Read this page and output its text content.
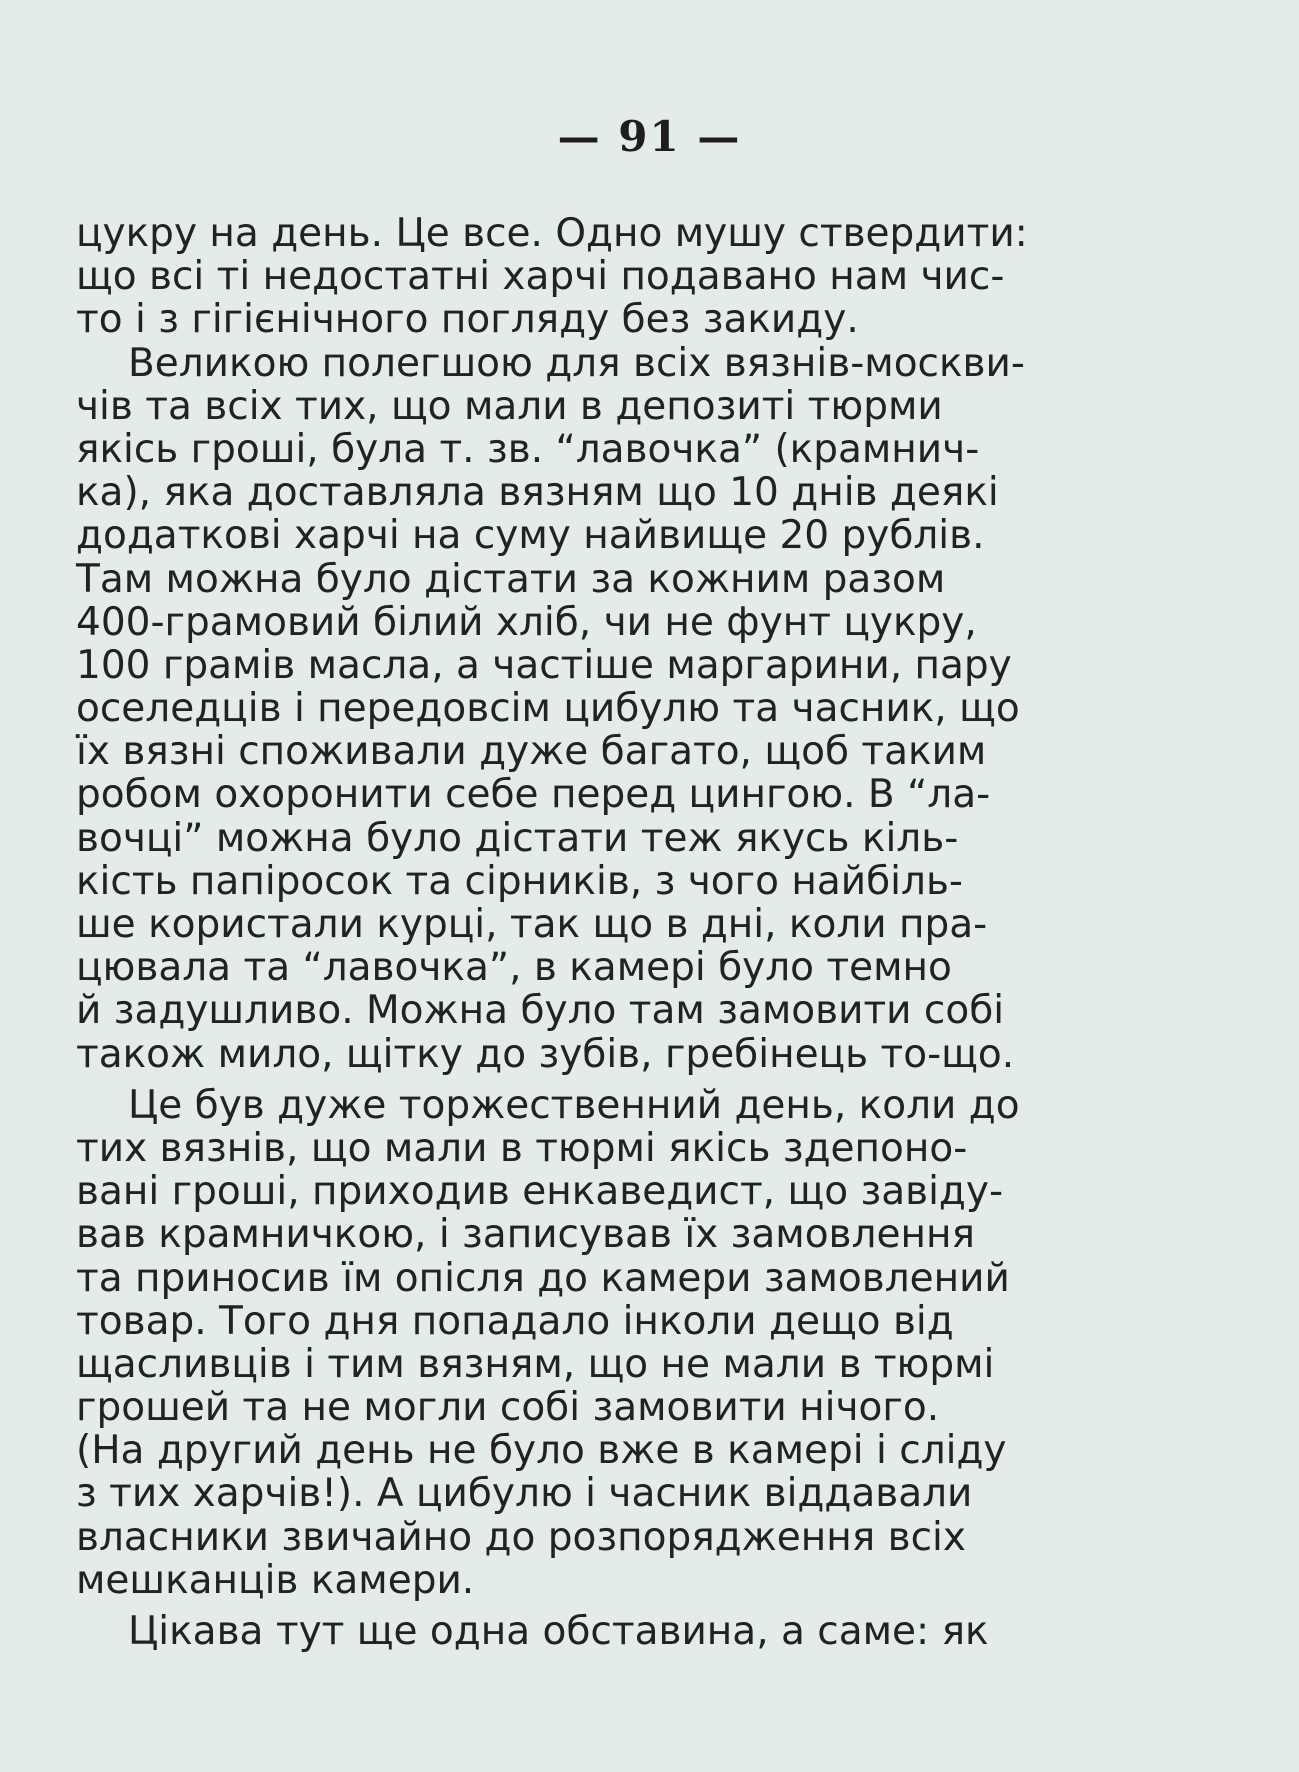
— 91 —
цукру на день. Це все. Одно мушу ствердити:
що всі ті недостатні харчі подавано нам чис-
то і з гігієнічного погляду без закиду.
Великою полегшою для всіх вязнів-москви-
чів та всіх тих, що мали в депозиті тюрми
якісь гроші, була т. зв. “лавочка” (крамнич-
ка), яка доставляла вязням що 10 днів деякі
додаткові харчі на суму найвище 20 рублів.
Там можна було дістати за кожним разом
400-грамовий білий хліб, чи не фунт цукру,
100 грамів масла, а частіше маргарини, пару
оселедців і передовсім цибулю та часник, що
їх вязні споживали дуже багато, щоб таким
робом охоронити себе перед цингою. В “ла-
вочці” можна було дістати теж якусь кіль-
кість папіросок та сірників, з чого найбіль-
ше користали курці, так що в дні, коли пра-
цювала та “лавочка”, в камері було темно
й задушливо. Можна було там замовити собі
також мило, щітку до зубів, гребінець то-що.
Це був дуже торжественний день, коли до
тих вязнів, що мали в тюрмі якісь здепоно-
вані гроші, приходив енкаведист, що завіду-
вав крамничкою, і записував їх замовлення
та приносив їм опісля до камери замовлений
товар. Того дня попадало інколи дещо від
щасливців і тим вязням, що не мали в тюрмі
грошей та не могли собі замовити нічого.
(На другий день не було вже в камері і сліду
з тих харчів!). А цибулю і часник віддавали
власники звичайно до розпорядження всіх
мешканців камери.
Цікава тут ще одна обставина, а саме: як
